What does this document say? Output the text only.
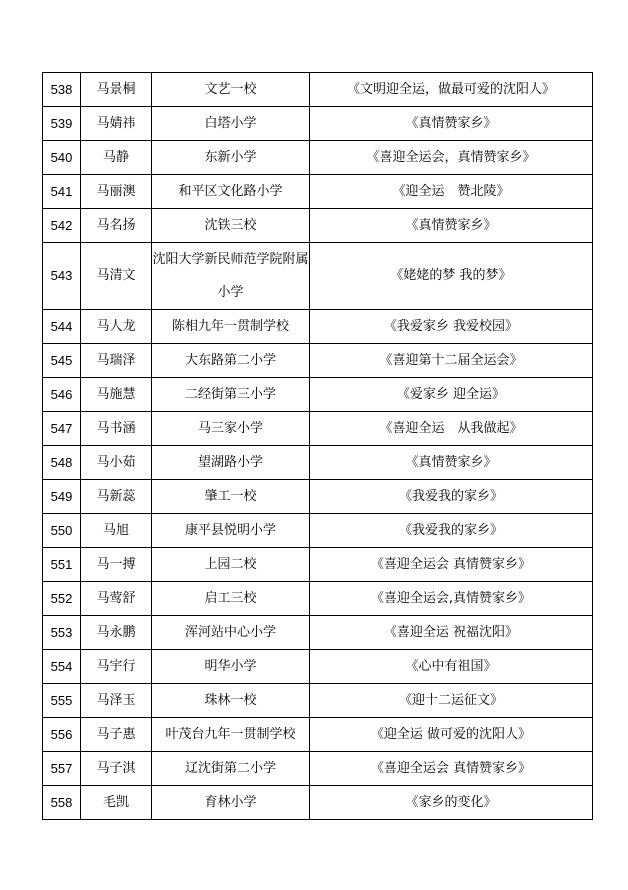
538	马景桐	文艺一校	《文明迎全运，做最可爱的沈阳人》
539	马婧祎	白塔小学	《真情赞家乡》
540	马静	东新小学	《喜迎全运会，真情赞家乡》
541	马丽澳	和平区文化路小学	《迎全运　赞北陵》
542	马名扬	沈铁三校	《真情赞家乡》
543	马清文	沈阳大学新民师范学院附属小学	《姥姥的梦 我的梦》
544	马人龙	陈相九年一贯制学校	《我爱家乡 我爱校园》
545	马瑞泽	大东路第二小学	《喜迎第十二届全运会》
546	马施慧	二经街第三小学	《爱家乡 迎全运》
547	马书涵	马三家小学	《喜迎全运　从我做起》
548	马小茹	望湖路小学	《真情赞家乡》
549	马新蕊	肇工一校	《我爱我的家乡》
550	马旭	康平县悦明小学	《我爱我的家乡》
551	马一搏	上园二校	《喜迎全运会 真情赞家乡》
552	马莺舒	启工三校	《喜迎全运会,真情赞家乡》
553	马永鹏	浑河站中心小学	《喜迎全运 祝福沈阳》
554	马宇行	明华小学	《心中有祖国》
555	马泽玉	珠林一校	《迎十二运征文》
556	马子惠	叶茂台九年一贯制学校	《迎全运 做可爱的沈阳人》
557	马子淇	辽沈街第二小学	《喜迎全运会 真情赞家乡》
558	毛凯	育林小学	《家乡的变化》
